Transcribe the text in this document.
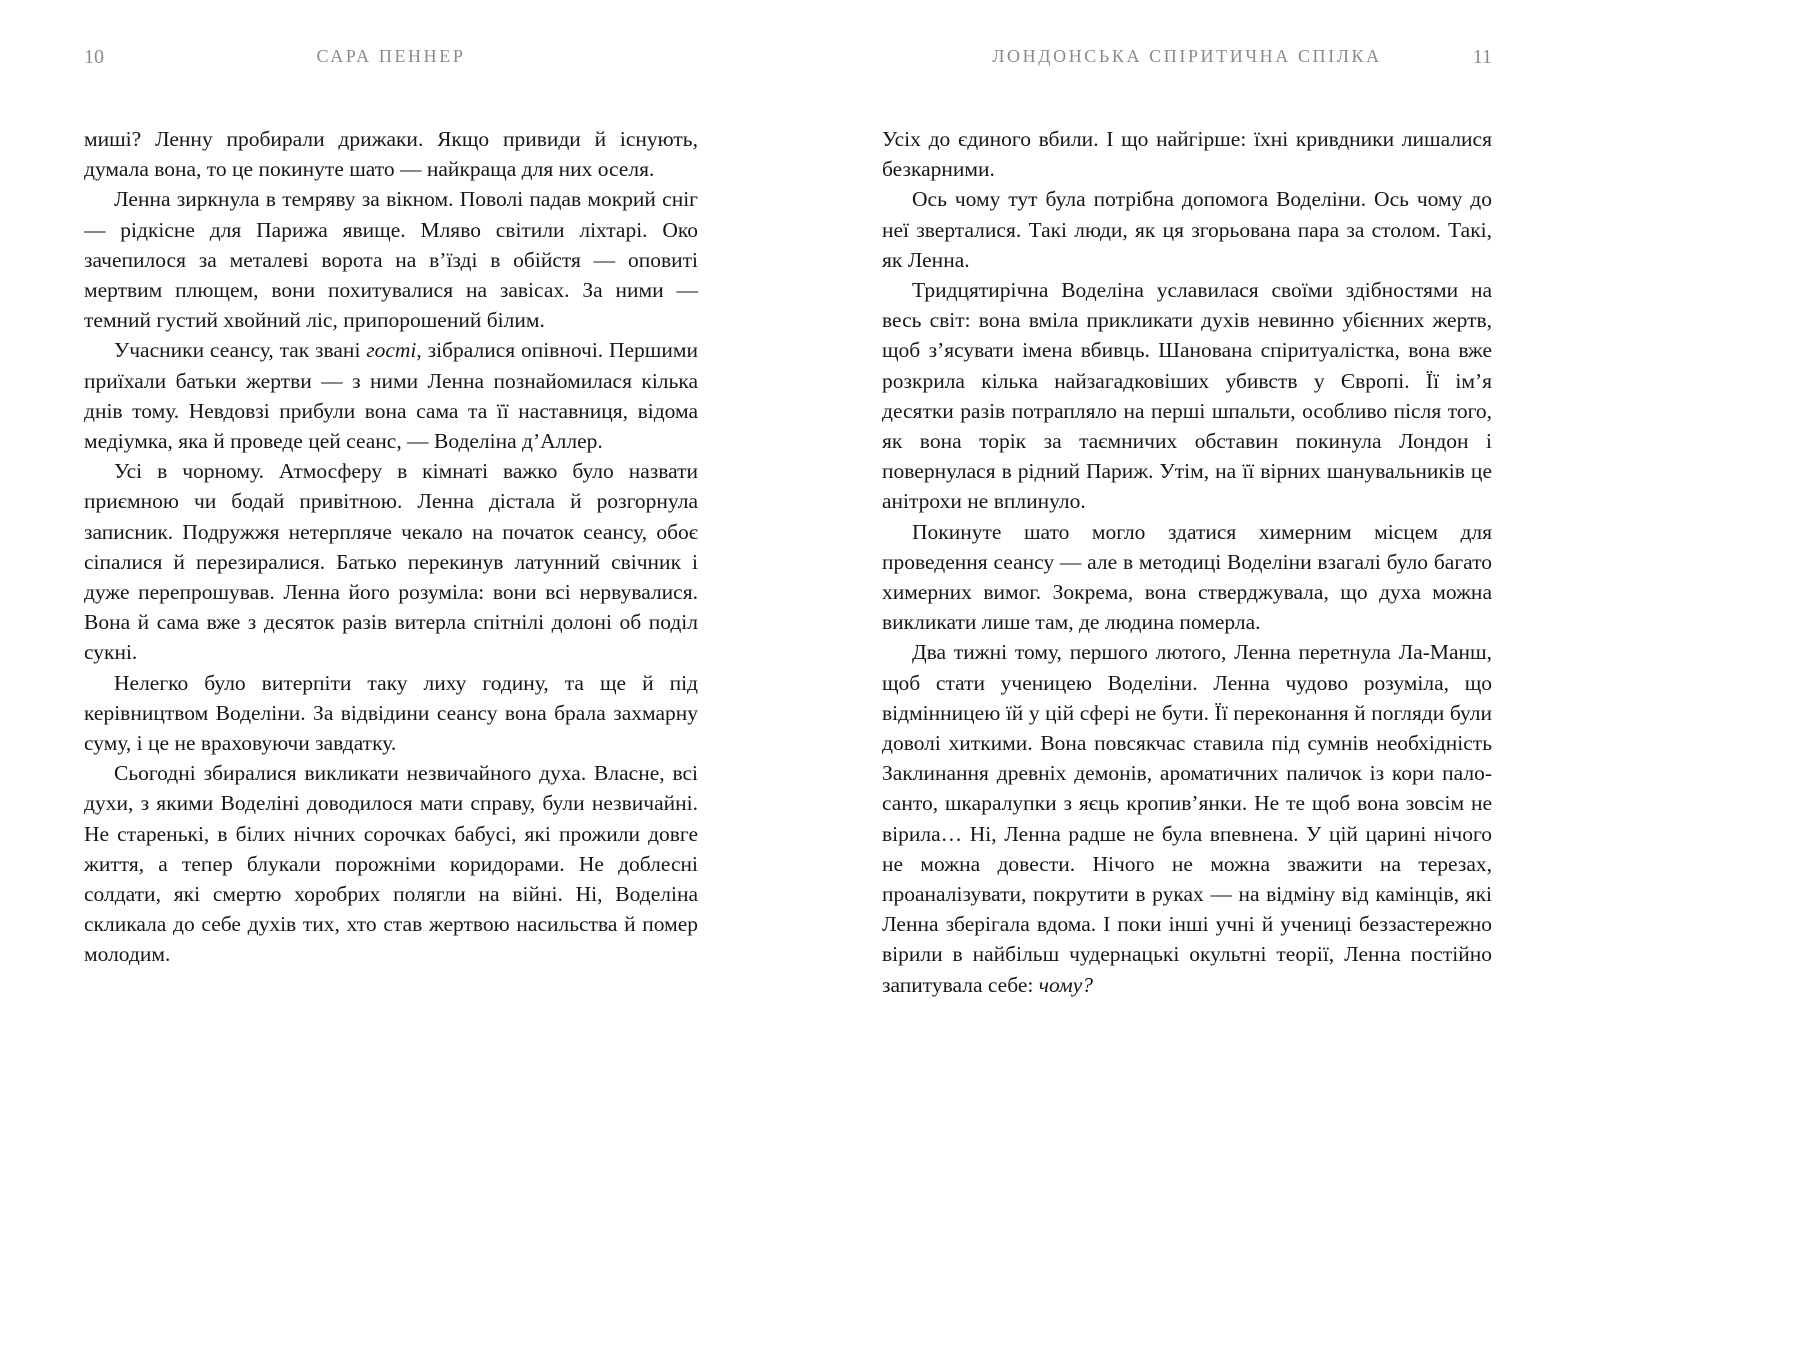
10	САРА ПЕННЕР

миші? Ленну пробирали дрижаки. Якщо привиди й існують, думала вона, то це покинуте шато — найкраща для них оселя.

Ленна зиркнула в темряву за вікном. Поволі падав мокрий сніг — рідкісне для Парижа явище. Мляво світили ліхтарі. Око зачепилося за металеві ворота на в’їзді в обійстя — оповиті мертвим плющем, вони похитувалися на завісах. За ними — темний густий хвойний ліс, припорошений білим.

Учасники сеансу, так звані гості, зібралися опівночі. Першими приїхали батьки жертви — з ними Ленна познайомилася кілька днів тому. Невдовзі прибули вона сама та її наставниця, відома медіумка, яка й проведе цей сеанс, — Воделіна д’Аллер.

Усі в чорному. Атмосферу в кімнаті важко було назвати приємною чи бодай привітною. Ленна дістала й розгорнула записник. Подружжя нетерпляче чекало на початок сеансу, обоє сіпалися й перезиралися. Батько перекинув латунний свічник і дуже перепрошував. Ленна його розуміла: вони всі нервувалися. Вона й сама вже з десяток разів витерла спітнілі долоні об поділ сукні.

Нелегко було витерпіти таку лиху годину, та ще й під керівництвом Воделіни. За відвідини сеансу вона брала захмарну суму, і це не враховуючи завдатку.

Сьогодні збиралися викликати незвичайного духа. Власне, всі духи, з якими Воделіні доводилося мати справу, були незвичайні. Не старенькі, в білих нічних сорочках бабусі, які прожили довге життя, а тепер блукали порожніми коридорами. Не доблесні солдати, які смертю хоробрих полягли на війні. Ні, Воделіна скликала до себе духів тих, хто став жертвою насильства й помер молодим.

ЛОНДОНСЬКА СПІРИТИЧНА СПІЛКА	11

Усіх до єдиного вбили. І що найгірше: їхні кривдники лишалися безкарними.

Ось чому тут була потрібна допомога Воделіни. Ось чому до неї зверталися. Такі люди, як ця згорьована пара за столом. Такі, як Ленна.

Тридцятирічна Воделіна уславилася своїми здібностями на весь світ: вона вміла прикликати духів невинно убієнних жертв, щоб з’ясувати імена вбивць. Шанована спіритуалістка, вона вже розкрила кілька найзагадковіших убивств у Європі. Її ім’я десятки разів потрапляло на перші шпальти, особливо після того, як вона торік за таємничих обставин покинула Лондон і повернулася в рідний Париж. Утім, на її вірних шанувальників це анітрохи не вплинуло.

Покинуте шато могло здатися химерним місцем для проведення сеансу — але в методиці Воделіни взагалі було багато химерних вимог. Зокрема, вона стверджувала, що духа можна викликати лише там, де людина померла.

Два тижні тому, першого лютого, Ленна перетнула Ла-Манш, щоб стати ученицею Воделіни. Ленна чудово розуміла, що відмінницею їй у цій сфері не бути. Її переконання й погляди були доволі хиткими. Вона повсякчас ставила під сумнів необхідність Заклинання древніх демонів, ароматичних паличок із кори пало-санто, шкаралупки з яєць кропив’янки. Не те щоб вона зовсім не вірила… Ні, Ленна радше не була впевнена. У цій царині нічого не можна довести. Нічого не можна зважити на терезах, проаналізувати, покрутити в руках — на відміну від камінців, які Ленна зберігала вдома. І поки інші учні й учениці беззастережно вірили в найбільш чудернацькі окультні теорії, Ленна постійно запитувала себе: чому?
